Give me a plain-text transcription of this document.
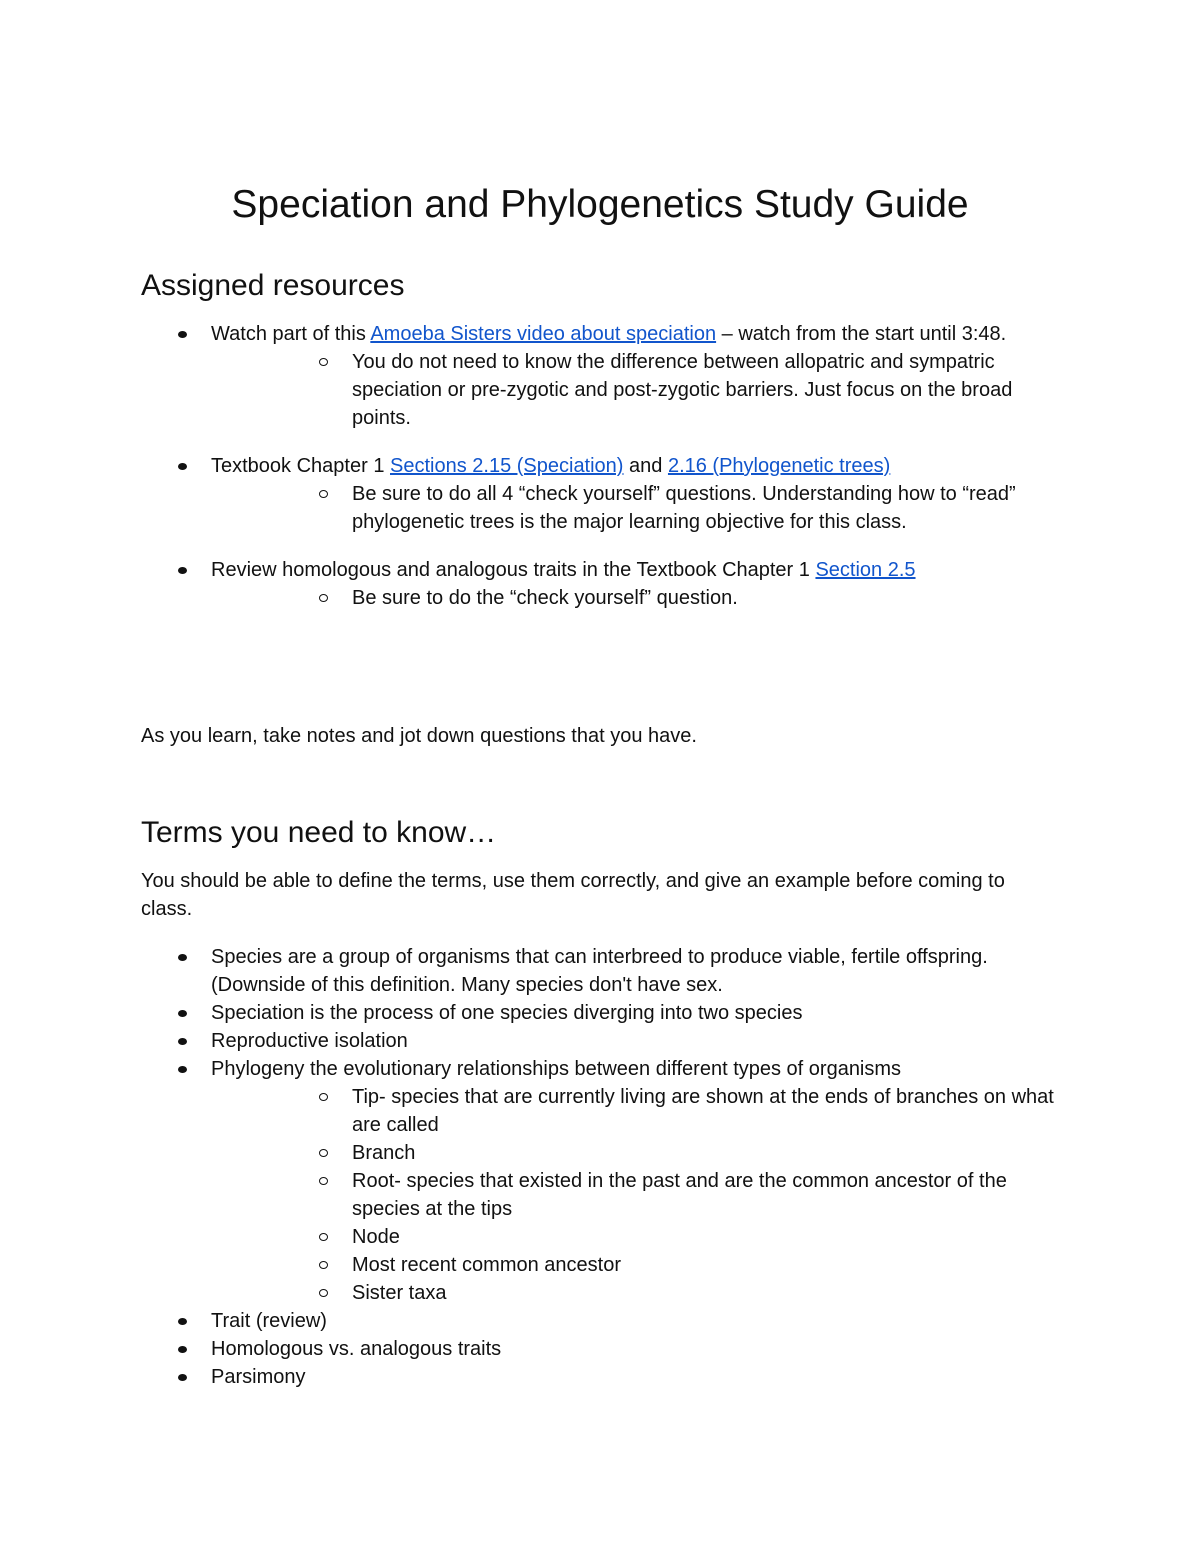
Speciation and Phylogenetics Study Guide
Assigned resources
Watch part of this Amoeba Sisters video about speciation – watch from the start until 3:48.
You do not need to know the difference between allopatric and sympatric speciation or pre-zygotic and post-zygotic barriers. Just focus on the broad points.
Textbook Chapter 1 Sections 2.15 (Speciation) and 2.16 (Phylogenetic trees)
Be sure to do all 4 “check yourself” questions. Understanding how to “read” phylogenetic trees is the major learning objective for this class.
Review homologous and analogous traits in the Textbook Chapter 1 Section 2.5
Be sure to do the “check yourself” question.

As you learn, take notes and jot down questions that you have.

Terms you need to know…

You should be able to define the terms, use them correctly, and give an example before coming to class.

Species are a group of organisms that can interbreed to produce viable, fertile offspring. (Downside of this definition. Many species don't have sex.
Speciation is the process of one species diverging into two species
Reproductive isolation
Phylogeny the evolutionary relationships between different types of organisms
Tip- species that are currently living are shown at the ends of branches on what are called
Branch
Root- species that existed in the past and are the common ancestor of the species at the tips
Node
Most recent common ancestor
Sister taxa
Trait (review)
Homologous vs. analogous traits
Parsimony
